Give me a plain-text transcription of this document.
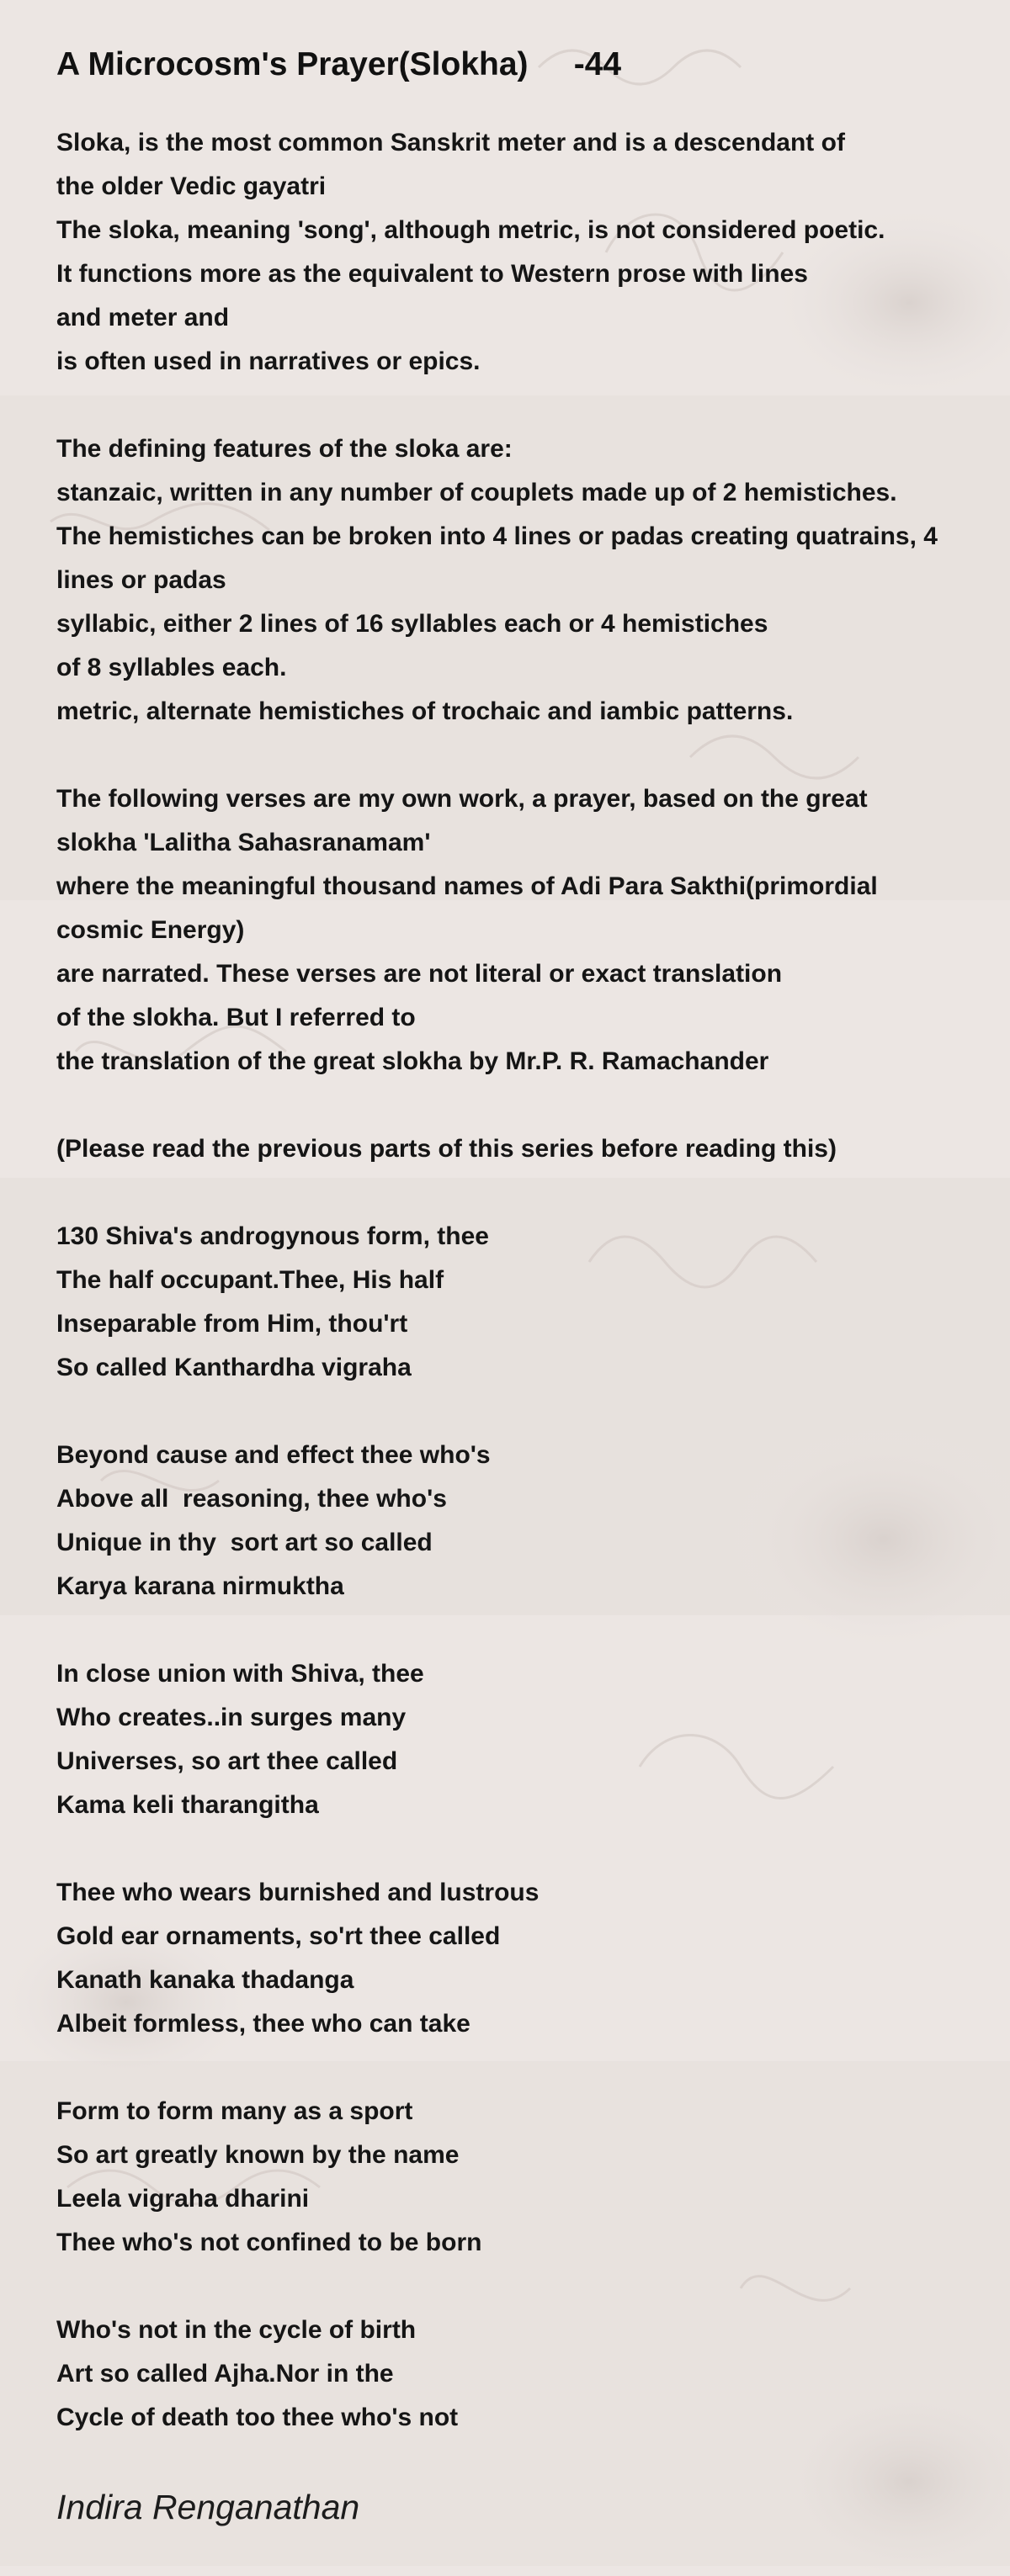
A Microcosm's Prayer(Slokha)     -44
Sloka, is the most common Sanskrit meter and is a descendant of
the older Vedic gayatri
The sloka, meaning 'song', although metric, is not considered poetic.
It functions more as the equivalent to Western prose with lines
and meter and
is often used in narratives or epics.
The defining features of the sloka are:
stanzaic, written in any number of couplets made up of 2 hemistiches.
The hemistiches can be broken into 4 lines or padas creating quatrains, 4
lines or padas
syllabic, either 2 lines of 16 syllables each or 4 hemistiches
of 8 syllables each.
metric, alternate hemistiches of trochaic and iambic patterns.
The following verses are my own work, a prayer, based on the great
slokha 'Lalitha Sahasranamam'
where the meaningful thousand names of Adi Para Sakthi(primordial
cosmic Energy)
are narrated. These verses are not literal or exact translation
of the slokha. But I referred to
the translation of the great slokha by Mr.P. R. Ramachander
(Please read the previous parts of this series before reading this)
130 Shiva's androgynous form, thee
The half occupant.Thee, His half
Inseparable from Him, thou'rt
So called Kanthardha vigraha
Beyond cause and effect thee who's
Above all  reasoning, thee who's
Unique in thy  sort art so called
Karya karana nirmuktha
In close union with Shiva, thee
Who creates..in surges many
Universes, so art thee called
Kama keli tharangitha
Thee who wears burnished and lustrous
Gold ear ornaments, so'rt thee called
Kanath kanaka thadanga
Albeit formless, thee who can take
Form to form many as a sport
So art greatly known by the name
Leela vigraha dharini
Thee who's not confined to be born
Who's not in the cycle of birth
Art so called Ajha.Nor in the
Cycle of death too thee who's not
Indira Renganathan
